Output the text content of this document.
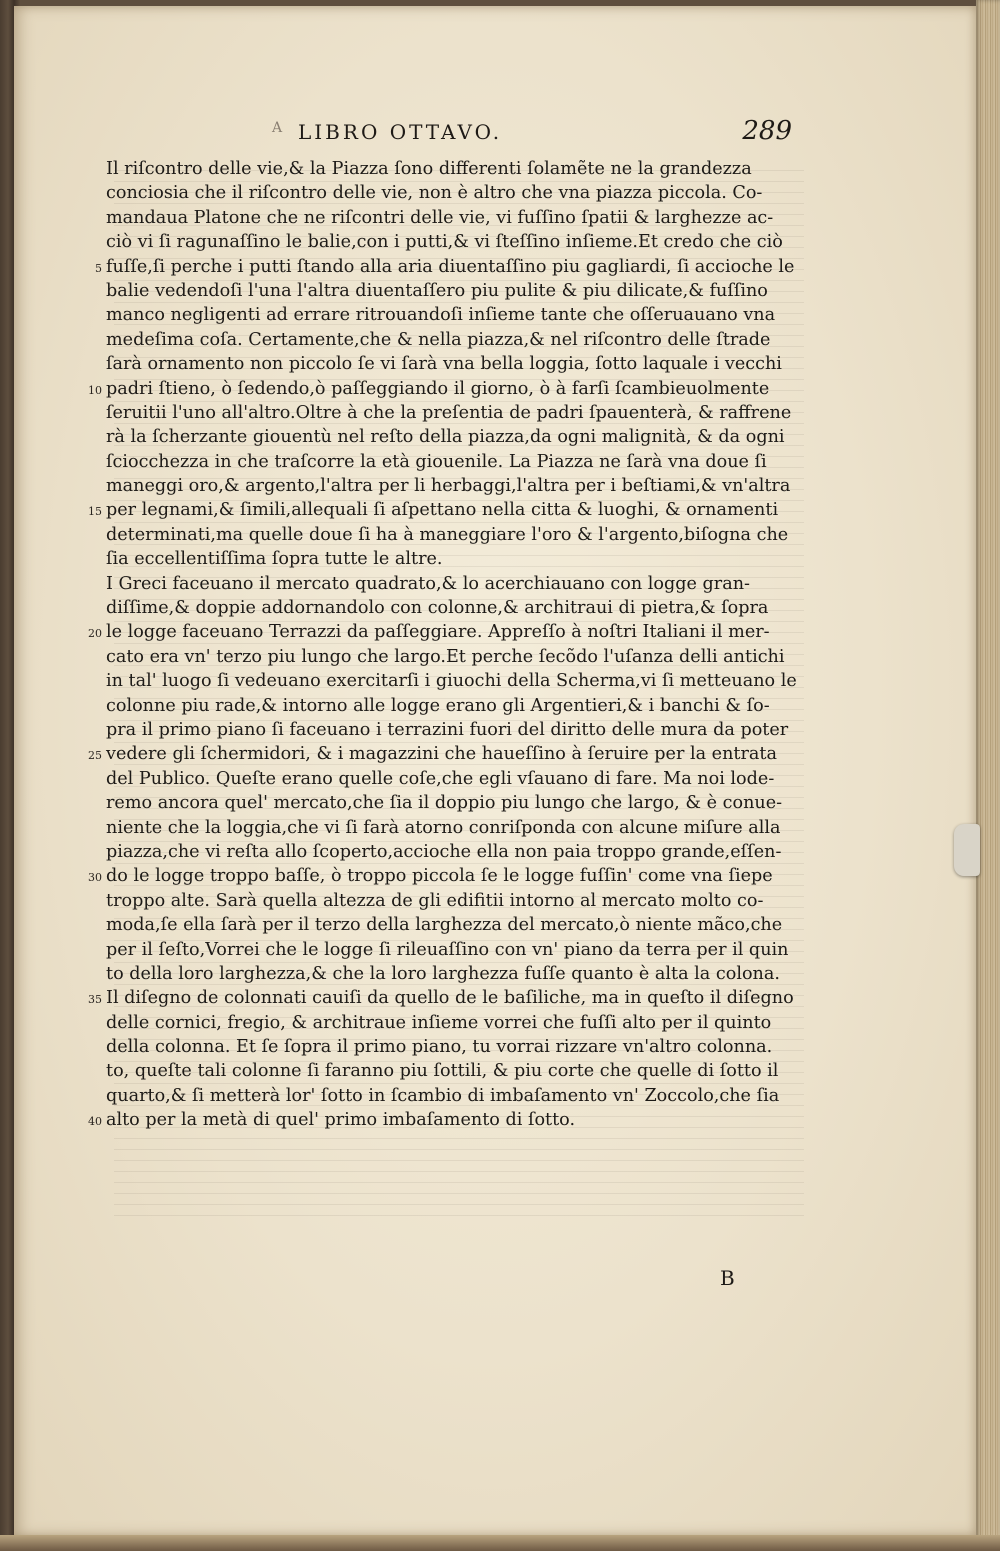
A LIBRO OTTAVO.	289
Il riſcontro delle vie,& la Piazza ſono differenti ſolamẽte ne la grandezza
conciosia che il riſcontro delle vie, non è altro che vna piazza piccola. Co-
mandaua Platone che ne riſcontri delle vie, vi fuſſino ſpatii & larghezze ac-
ciò vi ſi ragunaſſino le balie,con i putti,& vi ſteſſino inſieme.Et credo che ciò
5 fuſſe,ſi perche i putti ſtando alla aria diuentaſſino piu gagliardi, ſi accioche le
balie vedendoſi l'una l'altra diuentaſſero piu pulite & piu dilicate,& fuſſino
manco negligenti ad errare ritrouandoſi inſieme tante che oſſeruauano vna
medeſima coſa. Certamente,che & nella piazza,& nel riſcontro delle ſtrade
ſarà ornamento non piccolo ſe vi ſarà vna bella loggia, ſotto laquale i vecchi
10 padri ſtieno, ò ſedendo,ò paſſeggiando il giorno, ò à farſi ſcambieuolmente
ſeruitii l'uno all'altro.Oltre à che la preſentia de padri ſpauenterà, & raffrene
rà la ſcherzante giouentù nel reſto della piazza,da ogni malignità, & da ogni
ſciocchezza in che traſcorre la età giouenile. La Piazza ne ſarà vna doue ſi
maneggi oro,& argento,l'altra per li herbaggi,l'altra per i beſtiami,& vn'altra
15 per legnami,& ſimili,allequali ſi aſpettano nella citta & luoghi, & ornamenti
determinati,ma quelle doue ſi ha à maneggiare l'oro & l'argento,biſogna che
ſia eccellentiſſima ſopra tutte le altre.
I Greci faceuano il mercato quadrato,& lo acerchiauano con logge gran-
diſſime,& doppie addornandolo con colonne,& architraui di pietra,& ſopra
20 le logge faceuano Terrazzi da paſſeggiare. Appreſſo à noſtri Italiani il mer-
cato era vn' terzo piu lungo che largo.Et perche ſecõdo l'uſanza delli antichi
in tal' luogo ſi vedeuano exercitarſi i giuochi della Scherma,vi ſi metteuano le
colonne piu rade,& intorno alle logge erano gli Argentieri,& i banchi & ſo-
pra il primo piano ſi faceuano i terrazini fuori del diritto delle mura da poter
25 vedere gli ſchermidori, & i magazzini che haueſſino à ſeruire per la entrata
del Publico. Queſte erano quelle coſe,che egli vſauano di fare. Ma noi lode-
remo ancora quel' mercato,che ſia il doppio piu lungo che largo, & è conue-
niente che la loggia,che vi ſi farà atorno conriſponda con alcune miſure alla
piazza,che vi reſta allo ſcoperto,accioche ella non paia troppo grande,eſſen-
30 do le logge troppo baſſe, ò troppo piccola ſe le logge fuſſin' come vna ſiepe
troppo alte. Sarà quella altezza de gli edifitii intorno al mercato molto co-
moda,ſe ella ſarà per il terzo della larghezza del mercato,ò niente mãco,che
per il ſeſto,Vorrei che le logge ſi rileuaſſino con vn' piano da terra per il quin
to della loro larghezza,& che la loro larghezza fuſſe quanto è alta la colona.
35 Il diſegno de colonnati cauiſi da quello de le baſiliche, ma in queſto il diſegno
delle cornici, fregio, & architraue inſieme vorrei che fuſſi alto per il quinto
della colonna. Et ſe ſopra il primo piano, tu vorrai rizzare vn'altro colonna.
to, queſte tali colonne ſi faranno piu ſottili, & piu corte che quelle di ſotto il
quarto,& ſi metterà lor' ſotto in ſcambio di imbaſamento vn' Zoccolo,che ſia
40 alto per la metà di quel' primo imbaſamento di ſotto.
B
